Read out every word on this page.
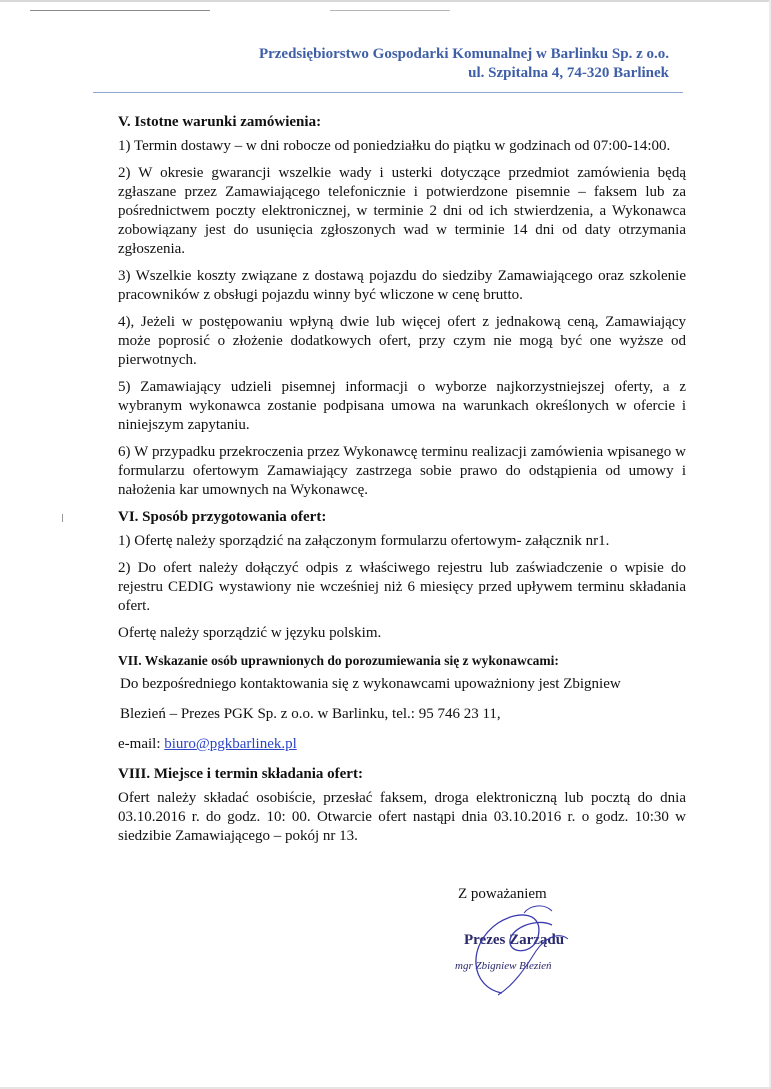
Przedsiębiorstwo Gospodarki Komunalnej w Barlinku Sp. z o.o.
ul. Szpitalna 4, 74-320 Barlinek
V. Istotne warunki zamówienia:

1) Termin dostawy – w dni robocze od poniedziałku do piątku w godzinach od 07:00-14:00.

2) W okresie gwarancji wszelkie wady i usterki dotyczące przedmiot zamówienia będą zgłaszane przez Zamawiającego telefonicznie i potwierdzone pisemnie – faksem lub za pośrednictwem poczty elektronicznej, w terminie 2 dni od ich stwierdzenia, a Wykonawca zobowiązany jest do usunięcia zgłoszonych wad w terminie 14 dni od daty otrzymania zgłoszenia.

3) Wszelkie koszty związane z dostawą pojazdu do siedziby Zamawiającego oraz szkolenie pracowników z obsługi pojazdu winny być wliczone w cenę brutto.

4), Jeżeli w postępowaniu wpłyną dwie lub więcej ofert z jednakową ceną, Zamawiający może poprosić o złożenie dodatkowych ofert, przy czym nie mogą być one wyższe od pierwotnych.

5) Zamawiający udzieli pisemnej informacji o wyborze najkorzystniejszej oferty, a z wybranym wykonawca zostanie podpisana umowa na warunkach określonych w ofercie i niniejszym zapytaniu.

6) W przypadku przekroczenia przez Wykonawcę terminu realizacji zamówienia wpisanego w formularzu ofertowym Zamawiający zastrzega sobie prawo do odstąpienia od umowy i nałożenia kar umownych na Wykonawcę.

VI. Sposób przygotowania ofert:

1) Ofertę należy sporządzić na załączonym formularzu ofertowym- załącznik nr1.

2) Do ofert należy dołączyć odpis z właściwego rejestru lub zaświadczenie o wpisie do rejestru CEDIG wystawiony nie wcześniej niż 6 miesięcy przed upływem terminu składania ofert.

Ofertę należy sporządzić w języku polskim.

VII. Wskazanie osób uprawnionych do porozumiewania się z wykonawcami:

Do bezpośredniego kontaktowania się z wykonawcami upoważniony jest Zbigniew

Blezień – Prezes PGK Sp. z o.o. w Barlinku, tel.: 95 746 23 11,

e-mail: biuro@pgkbarlinek.pl

VIII. Miejsce i termin składania ofert:

Ofert należy składać osobiście, przesłać faksem, droga elektroniczną lub pocztą do dnia 03.10.2016 r. do godz. 10: 00. Otwarcie ofert nastąpi dnia 03.10.2016 r. o godz. 10:30 w siedzibie Zamawiającego – pokój nr 13.

Z poważaniem
Prezes Zarządu
mgr Zbigniew Blezień
